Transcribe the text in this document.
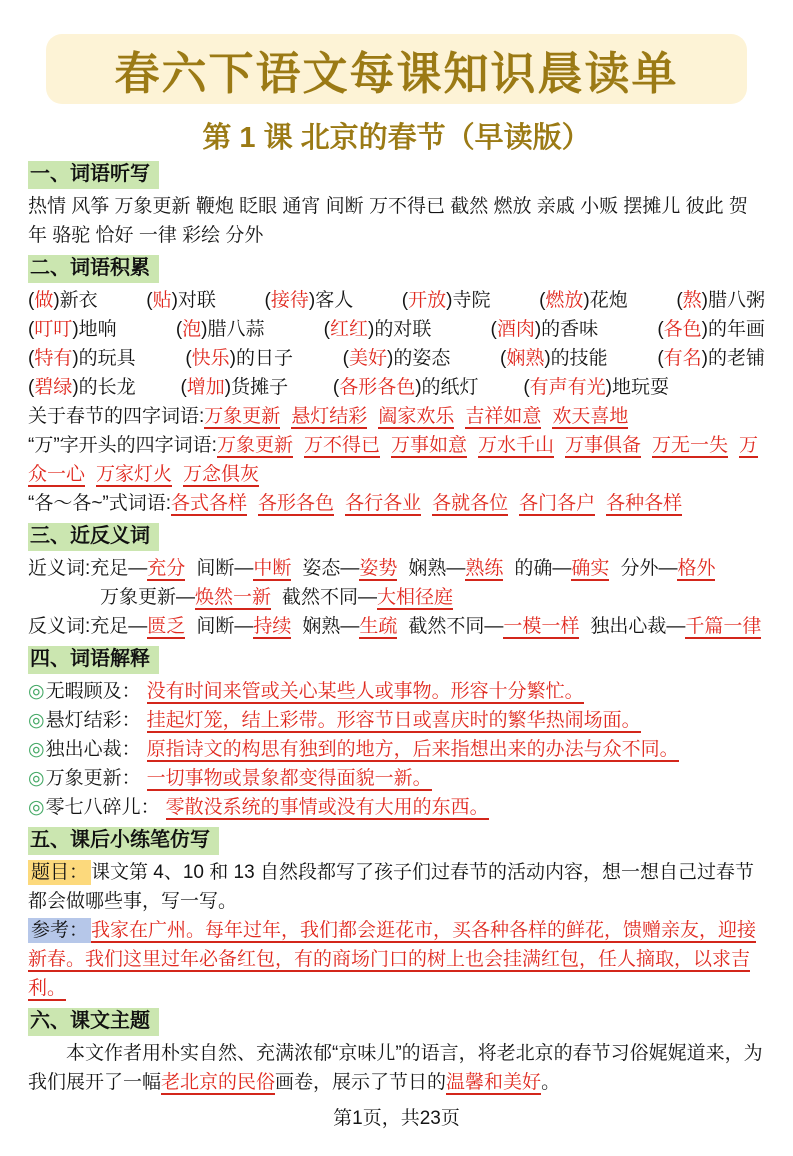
春六下语文每课知识晨读单
第 1 课 北京的春节（早读版）
一、词语听写

热情 风筝 万象更新 鞭炮 眨眼 通宵 间断 万不得已 截然 燃放 亲戚 小贩 摆摊儿 彼此 贺年 骆驼 恰好 一律 彩绘 分外

二、词语积累
(做)新衣	(贴)对联	(接待)客人	(开放)寺院	(燃放)花炮	(熬)腊八粥
(叮叮)地响	(泡)腊八蒜	(红红)的对联	(酒肉)的香味	(各色)的年画
(特有)的玩具	(快乐)的日子	(美好)的姿态	(娴熟)的技能	(有名)的老铺
(碧绿)的长龙 (增加)货摊子 (各形各色)的纸灯 (有声有光)地玩耍

关于春节的四字词语:万象更新 悬灯结彩 阖家欢乐 吉祥如意 欢天喜地

“万”字开头的四字词语:万象更新 万不得已 万事如意 万水千山 万事俱备 万无一失 万众一心 万家灯火 万念俱灰

“各～各~”式词语:各式各样 各形各色 各行各业 各就各位 各门各户 各种各样

三、近反义词

近义词:充足—充分 间断—中断 姿态—姿势 娴熟—熟练 的确—确实 分外—格外

万象更新—焕然一新 截然不同—大相径庭

反义词:充足—匮乏 间断—持续 娴熟—生疏 截然不同—一模一样 独出心裁—千篇一律

四、词语解释

◎无暇顾及： 没有时间来管或关心某些人或事物。形容十分繁忙。

◎悬灯结彩： 挂起灯笼，结上彩带。形容节日或喜庆时的繁华热闹场面。

◎独出心裁： 原指诗文的构思有独到的地方，后来指想出来的办法与众不同。

◎万象更新： 一切事物或景象都变得面貌一新。

◎零七八碎儿： 零散没系统的事情或没有大用的东西。

五、课后小练笔仿写

题目： 课文第 4、10 和 13 自然段都写了孩子们过春节的活动内容，想一想自己过春节都会做哪些事，写一写。

参考： 我家在广州。每年过年，我们都会逛花市，买各种各样的鲜花，馈赠亲友，迎接新春。我们这里过年必备红包，有的商场门口的树上也会挂满红包，任人摘取，以求吉利。

六、课文主题

本文作者用朴实自然、充满浓郁“京味儿”的语言，将老北京的春节习俗娓娓道来，为我们展开了一幅老北京的民俗画卷，展示了节日的温馨和美好。

第1页，共23页
